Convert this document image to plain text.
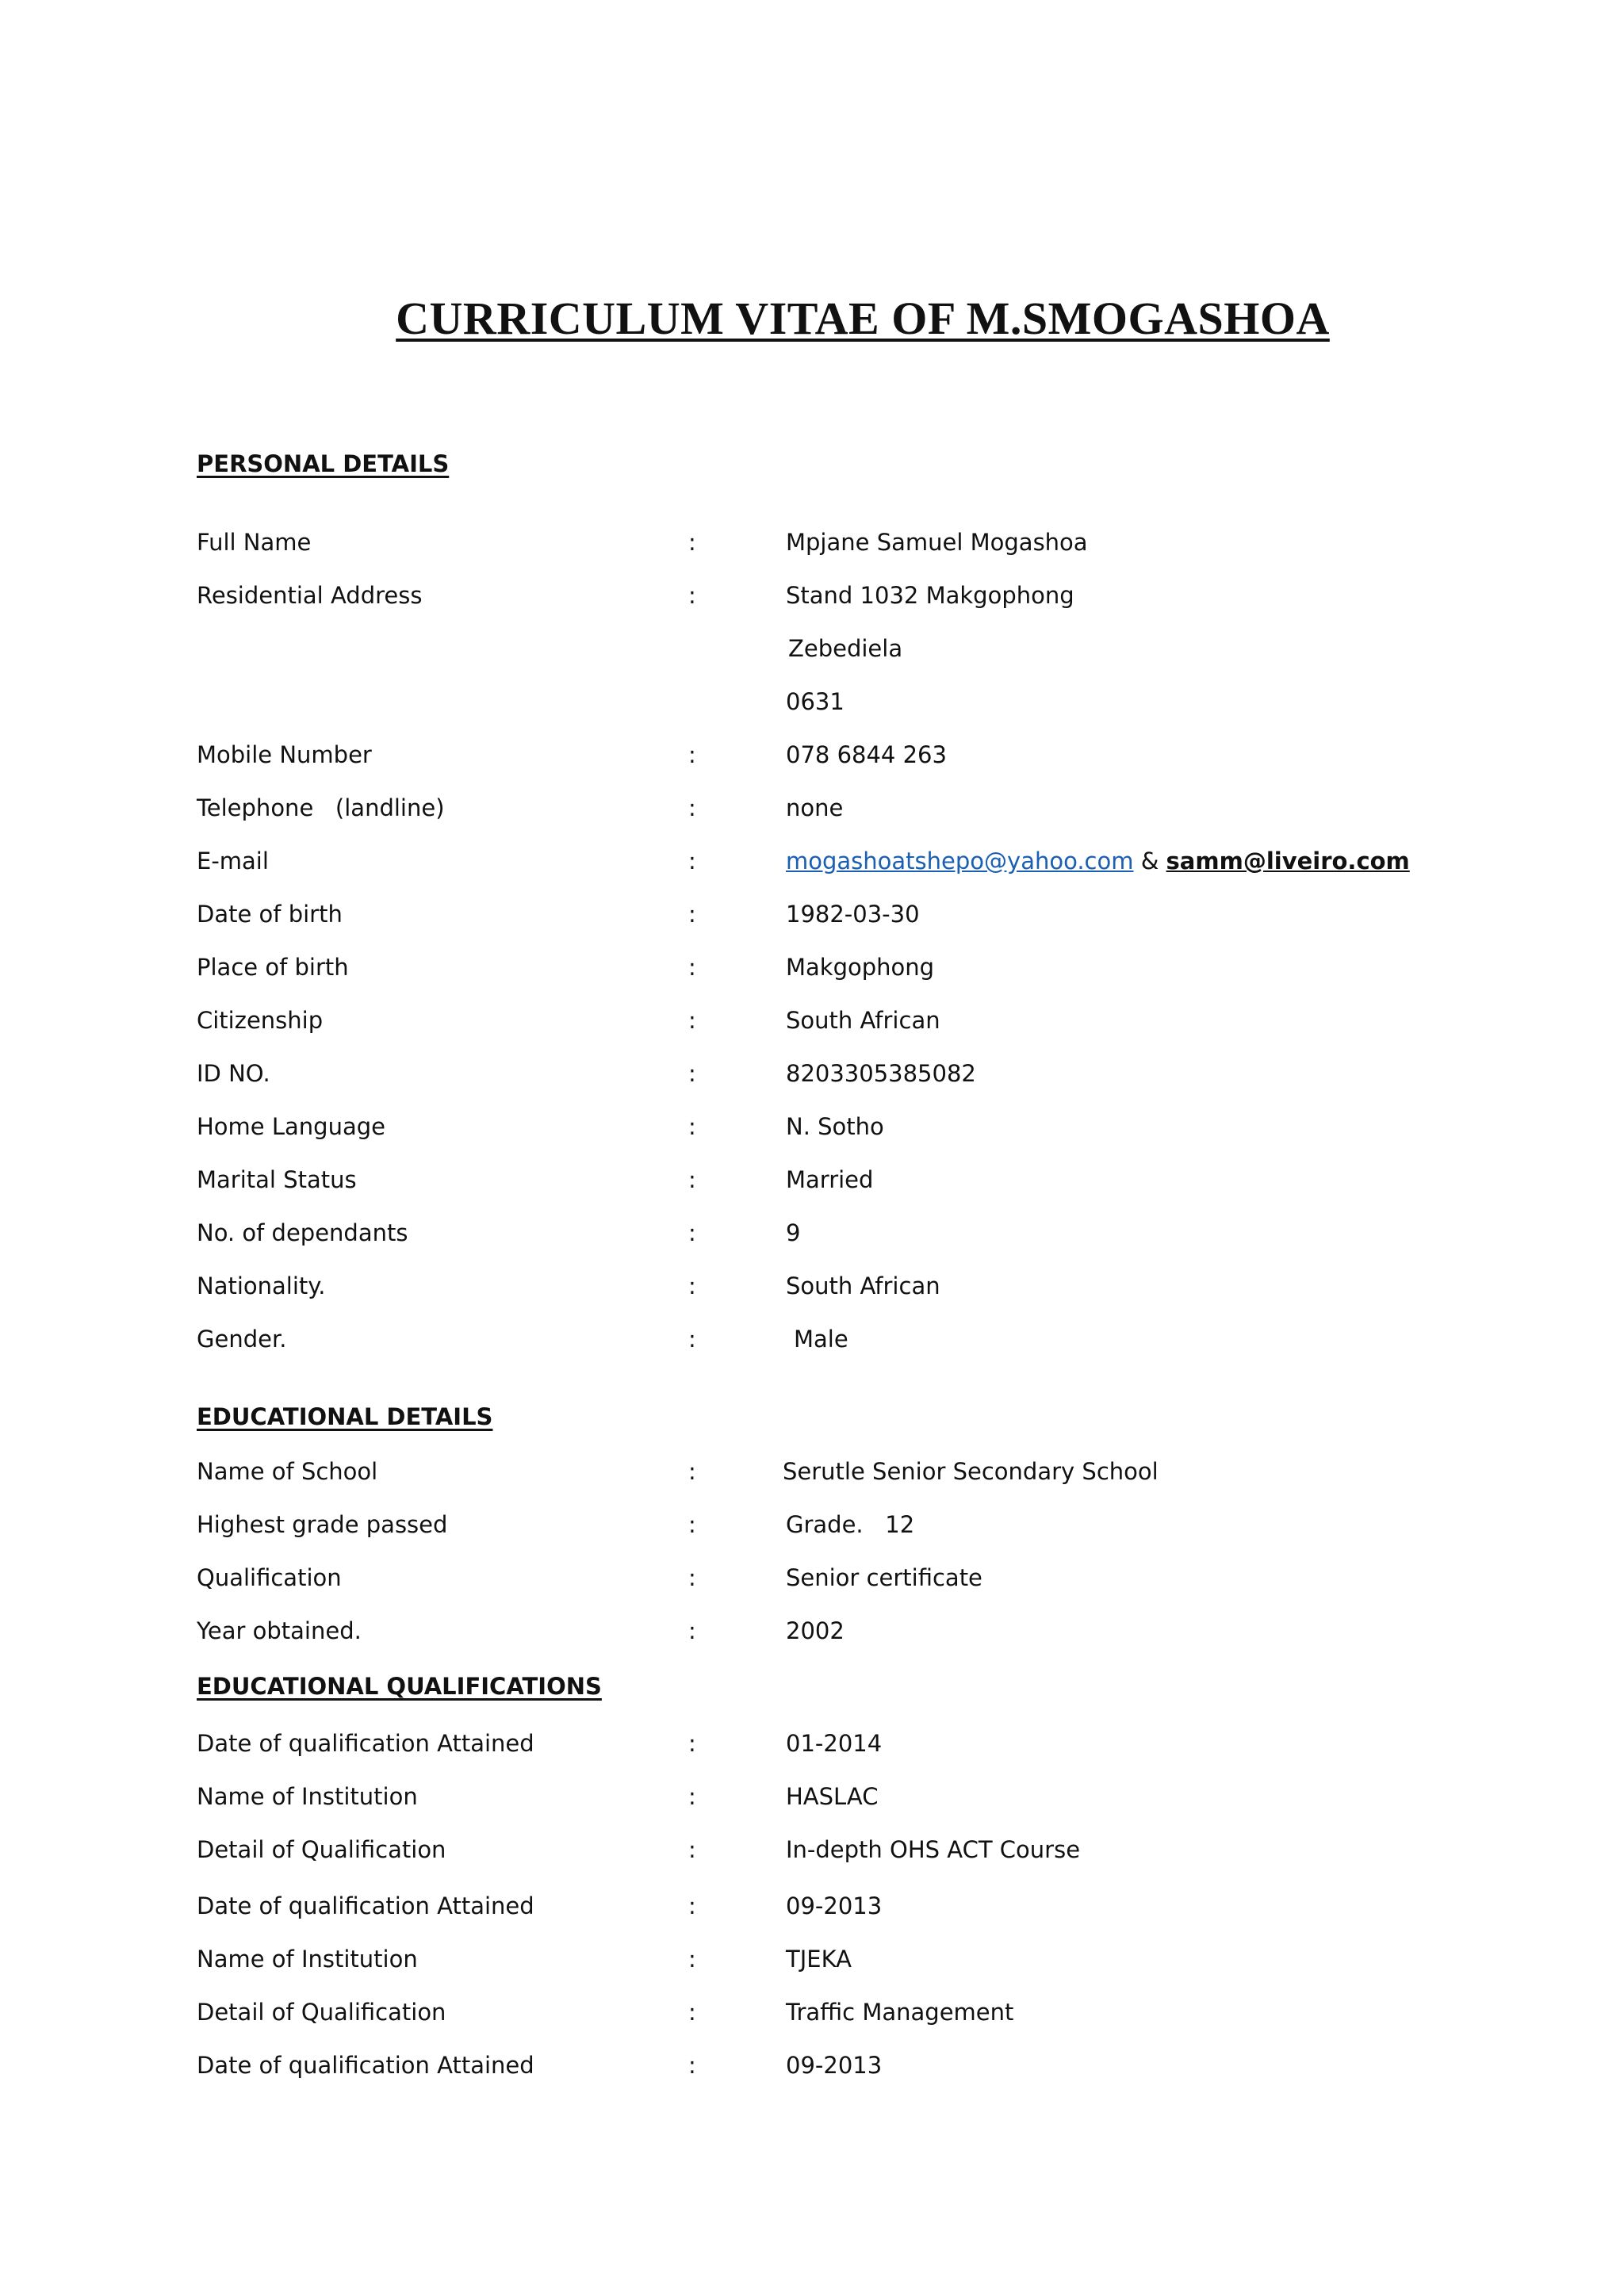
CURRICULUM VITAE OF M.SMOGASHOA
PERSONAL DETAILS
Full Name	:	Mpjane Samuel Mogashoa
Residential Address	:	Stand 1032 Makgophong
Zebediela
0631
Mobile Number	:	078 6844 263
Telephone   (landline)	:	none
E-mail	:	mogashoatshepo@yahoo.com & samm@liveiro.com
Date of birth	:	1982-03-30
Place of birth	:	Makgophong
Citizenship	:	South African
ID NO.	:	8203305385082
Home Language	:	N. Sotho
Marital Status	:	Married
No. of dependants	:	9
Nationality.	:	South African
Gender.	:	Male
EDUCATIONAL DETAILS
Name of School	:	Serutle Senior Secondary School
Highest grade passed	:	Grade.   12
Qualification	:	Senior certificate
Year obtained.	:	2002
EDUCATIONAL QUALIFICATIONS
Date of qualification Attained	:	01-2014
Name of Institution	:	HASLAC
Detail of Qualification	:	In-depth OHS ACT Course
Date of qualification Attained	:	09-2013
Name of Institution	:	TJEKA
Detail of Qualification	:	Traffic Management
Date of qualification Attained	:	09-2013
